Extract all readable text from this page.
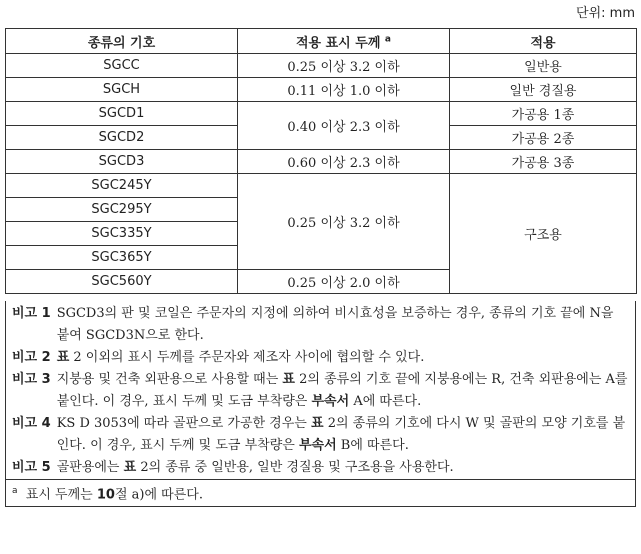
단위: mm
종류의 기호	적용 표시 두께 $^a$	적용
SGCC	0.25 이상 3.2 이하	일반용
SGCH	0.11 이상 1.0 이하	일반 경질용
SGCD1	0.40 이상 2.3 이하	가공용 1종
SGCD2		가공용 2종
SGCD3	0.60 이상 2.3 이하	가공용 3종
SGC245Y	0.25 이상 3.2 이하	구조용
SGC295Y		
SGC335Y		
SGC365Y		
SGC560Y	0.25 이상 2.0 이하	
비고 1 SGCD3의 판 및 코일은 주문자의 지정에 의하여 비시효성을 보증하는 경우, 종류의 기호 끝에 N을 붙여 SGCD3N으로 한다.
비고 2 표 2 이외의 표시 두께를 주문자와 제조자 사이에 협의할 수 있다.
비고 3 지붕용 및 건축 외판용으로 사용할 때는 표 2의 종류의 기호 끝에 지붕용에는 R, 건축 외판용에는 A를 붙인다. 이 경우, 표시 두께 및 도금 부착량은 부속서 A에 따른다.
비고 4 KS D 3053에 따라 골판으로 가공한 경우는 표 2의 종류의 기호에 다시 W 및 골판의 모양 기호를 붙인다. 이 경우, 표시 두께 및 도금 부착량은 부속서 B에 따른다.
비고 5 골판용에는 표 2의 종류 중 일반용, 일반 경질용 및 구조용을 사용한다.
$^a$ 표시 두께는 10절 a)에 따른다.
